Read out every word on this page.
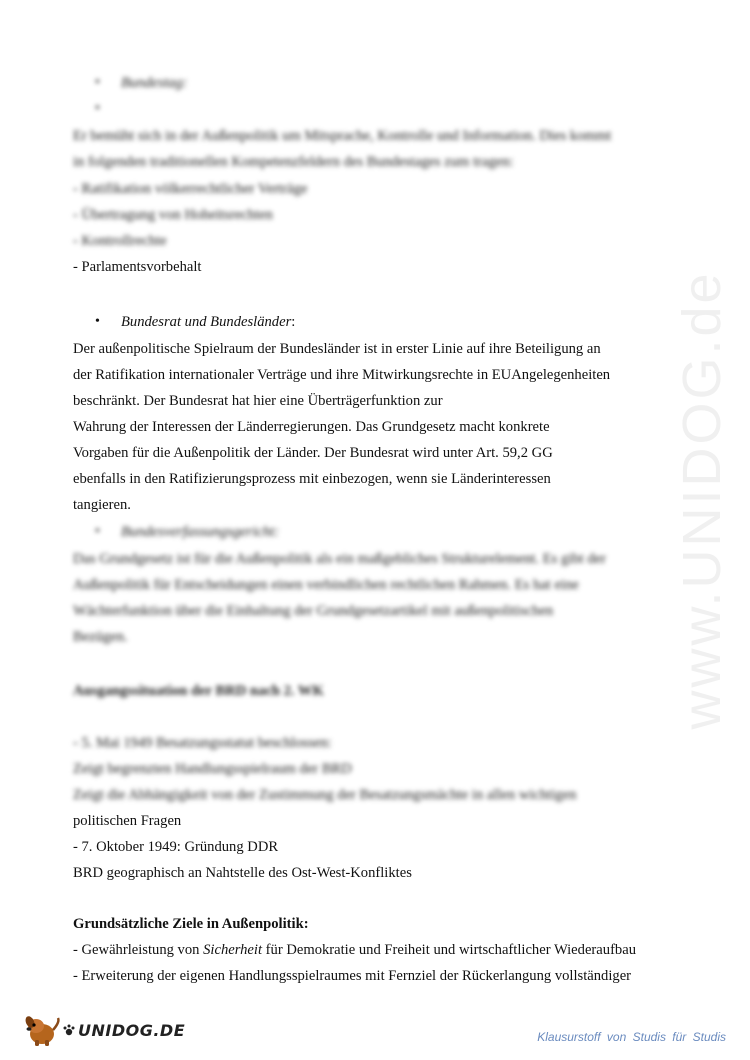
• Bundestag:
•
Er bemüht sich in der Außenpolitik um Mitsprache, Kontrolle und Information. Dies kommt
in folgenden traditionellen Kompetenzfeldern des Bundestages zum tragen:
- Ratifikation völkerrechtlicher Verträge
- Übertragung von Hoheitsrechten
- Kontrollrechte
- Parlamentsvorbehalt
• Bundesrat und Bundesländer:
Der außenpolitische Spielraum der Bundesländer ist in erster Linie auf ihre Beteiligung an
der Ratifikation internationaler Verträge und ihre Mitwirkungsrechte in EUAngelegenheiten
beschränkt. Der Bundesrat hat hier eine Überträgerfunktion zur
Wahrung der Interessen der Länderregierungen. Das Grundgesetz macht konkrete
Vorgaben für die Außenpolitik der Länder. Der Bundesrat wird unter Art. 59,2 GG
ebenfalls in den Ratifizierungsprozess mit einbezogen, wenn sie Länderinteressen
tangieren.
• Bundesverfassungsgericht:
Das Grundgesetz ist für die Außenpolitik als ein maßgebliches Strukturelement. Es gibt der
Außenpolitik für Entscheidungen einen verbindlichen rechtlichen Rahmen. Es hat eine
Wächterfunktion über die Einhaltung der Grundgesetzartikel mit außenpolitischen
Bezügen.
Ausgangssituation der BRD nach 2. WK
- 5. Mai 1949 Besatzungsstatut beschlossen:
Zeigt begrenzten Handlungsspielraum der BRD
Zeigt die Abhängigkeit von der Zustimmung der Besatzungsmächte in allen wichtigen
politischen Fragen
- 7. Oktober 1949: Gründung DDR
BRD geographisch an Nahtstelle des Ost-West-Konfliktes
Grundsätzliche Ziele in Außenpolitik:
- Gewährleistung von Sicherheit für Demokratie und Freiheit und wirtschaftlicher Wiederaufbau
- Erweiterung der eigenen Handlungsspielraumes mit Fernziel der Rückerlangung vollständiger
www.UNIDOG.de
UNIDOG.DE	Klausurstoff von Studis für Studis
